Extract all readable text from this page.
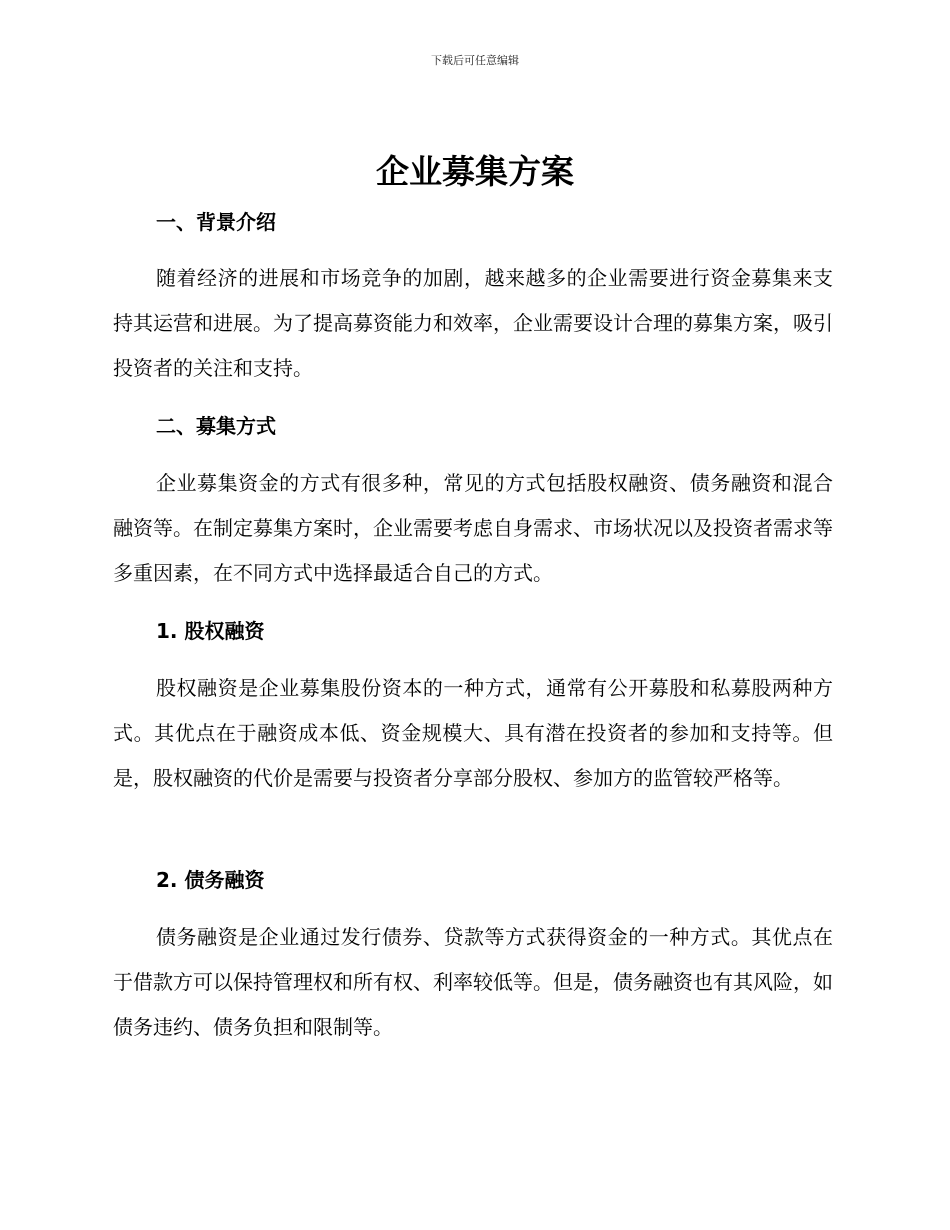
下载后可任意编辑
企业募集方案
一、背景介绍

随着经济的进展和市场竞争的加剧，越来越多的企业需要进行资金募集来支持其运营和进展。为了提高募资能力和效率，企业需要设计合理的募集方案，吸引投资者的关注和支持。

二、募集方式

企业募集资金的方式有很多种，常见的方式包括股权融资、债务融资和混合融资等。在制定募集方案时，企业需要考虑自身需求、市场状况以及投资者需求等多重因素，在不同方式中选择最适合自己的方式。

1. 股权融资

股权融资是企业募集股份资本的一种方式，通常有公开募股和私募股两种方式。其优点在于融资成本低、资金规模大、具有潜在投资者的参加和支持等。但是，股权融资的代价是需要与投资者分享部分股权、参加方的监管较严格等。

2. 债务融资

债务融资是企业通过发行债券、贷款等方式获得资金的一种方式。其优点在于借款方可以保持管理权和所有权、利率较低等。但是，债务融资也有其风险，如债务违约、债务负担和限制等。
